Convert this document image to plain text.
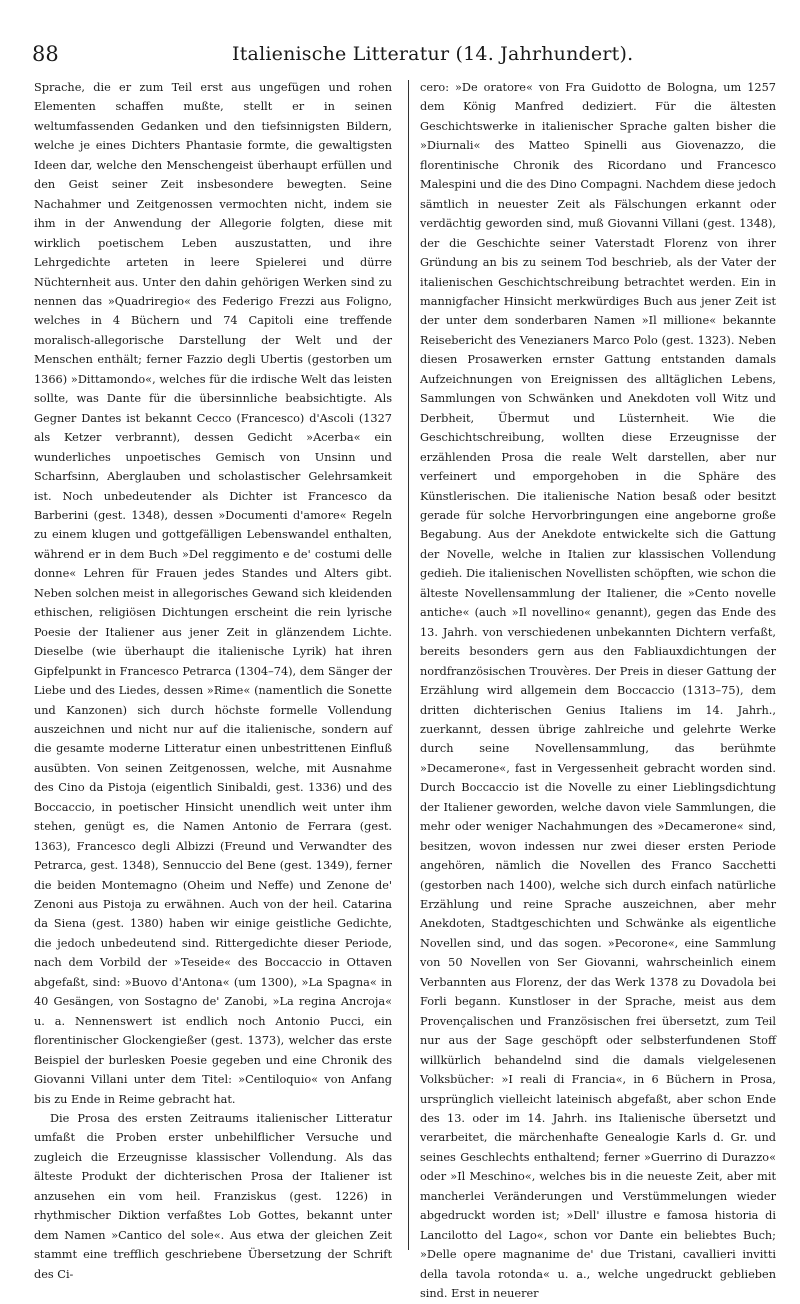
88	Italienische Litteratur (14. Jahrhundert).

Sprache, die er zum Teil erst aus ungefügen und rohen Elementen schaffen mußte, stellt er in seinen weltumfassenden Gedanken und den tiefsinnigsten Bildern, welche je eines Dichters Phantasie formte, die gewaltigsten Ideen dar, welche den Menschengeist überhaupt erfüllen und den Geist seiner Zeit insbesondere bewegten. Seine Nachahmer und Zeitgenossen vermochten nicht, indem sie ihm in der Anwendung der Allegorie folgten, diese mit wirklich poetischem Leben auszustatten, und ihre Lehrgedichte arteten in leere Spielerei und dürre Nüchternheit aus. Unter den dahin gehörigen Werken sind zu nennen das »Quadriregio« des Federigo Frezzi aus Foligno, welches in 4 Büchern und 74 Capitoli eine treffende moralisch-allegorische Darstellung der Welt und der Menschen enthält; ferner Fazzio degli Ubertis (gestorben um 1366) »Dittamondo«, welches für die irdische Welt das leisten sollte, was Dante für die übersinnliche beabsichtigte. Als Gegner Dantes ist bekannt Cecco (Francesco) d'Ascoli (1327 als Ketzer verbrannt), dessen Gedicht »Acerba« ein wunderliches unpoetisches Gemisch von Unsinn und Scharfsinn, Aberglauben und scholastischer Gelehrsamkeit ist. Noch unbedeutender als Dichter ist Francesco da Barberini (gest. 1348), dessen »Documenti d'amore« Regeln zu einem klugen und gottgefälligen Lebenswandel enthalten, während er in dem Buch »Del reggimento e de' costumi delle donne« Lehren für Frauen jedes Standes und Alters gibt. Neben solchen meist in allegorisches Gewand sich kleidenden ethischen, religiösen Dichtungen erscheint die rein lyrische Poesie der Italiener aus jener Zeit in glänzendem Lichte. Dieselbe (wie überhaupt die italienische Lyrik) hat ihren Gipfelpunkt in Francesco Petrarca (1304–74), dem Sänger der Liebe und des Liedes, dessen »Rime« (namentlich die Sonette und Kanzonen) sich durch höchste formelle Vollendung auszeichnen und nicht nur auf die italienische, sondern auf die gesamte moderne Litteratur einen unbestrittenen Einfluß ausübten. Von seinen Zeitgenossen, welche, mit Ausnahme des Cino da Pistoja (eigentlich Sinibaldi, gest. 1336) und des Boccaccio, in poetischer Hinsicht unendlich weit unter ihm stehen, genügt es, die Namen Antonio de Ferrara (gest. 1363), Francesco degli Albizzi (Freund und Verwandter des Petrarca, gest. 1348), Sennuccio del Bene (gest. 1349), ferner die beiden Montemagno (Oheim und Neffe) und Zenone de' Zenoni aus Pistoja zu erwähnen. Auch von der heil. Catarina da Siena (gest. 1380) haben wir einige geistliche Gedichte, die jedoch unbedeutend sind. Rittergedichte dieser Periode, nach dem Vorbild der »Teseide« des Boccaccio in Ottaven abgefaßt, sind: »Buovo d'Antona« (um 1300), »La Spagna« in 40 Gesängen, von Sostagno de' Zanobi, »La regina Ancroja« u. a. Nennenswert ist endlich noch Antonio Pucci, ein florentinischer Glockengießer (gest. 1373), welcher das erste Beispiel der burlesken Poesie gegeben und eine Chronik des Giovanni Villani unter dem Titel: »Centiloquio« von Anfang bis zu Ende in Reime gebracht hat.

Die Prosa des ersten Zeitraums italienischer Litteratur umfaßt die Proben erster unbehilflicher Versuche und zugleich die Erzeugnisse klassischer Vollendung. Als das älteste Produkt der dichterischen Prosa der Italiener ist anzusehen ein vom heil. Franziskus (gest. 1226) in rhythmischer Diktion verfaßtes Lob Gottes, bekannt unter dem Namen »Cantico del sole«. Aus etwa der gleichen Zeit stammt eine trefflich geschriebene Übersetzung der Schrift des Ci-

cero: »De oratore« von Fra Guidotto de Bologna, um 1257 dem König Manfred dediziert. Für die ältesten Geschichtswerke in italienischer Sprache galten bisher die »Diurnali« des Matteo Spinelli aus Giovenazzo, die florentinische Chronik des Ricordano und Francesco Malespini und die des Dino Compagni. Nachdem diese jedoch sämtlich in neuester Zeit als Fälschungen erkannt oder verdächtig geworden sind, muß Giovanni Villani (gest. 1348), der die Geschichte seiner Vaterstadt Florenz von ihrer Gründung an bis zu seinem Tod beschrieb, als der Vater der italienischen Geschichtschreibung betrachtet werden. Ein in mannigfacher Hinsicht merkwürdiges Buch aus jener Zeit ist der unter dem sonderbaren Namen »Il millione« bekannte Reisebericht des Venezianers Marco Polo (gest. 1323). Neben diesen Prosawerken ernster Gattung entstanden damals Aufzeichnungen von Ereignissen des alltäglichen Lebens, Sammlungen von Schwänken und Anekdoten voll Witz und Derbheit, Übermut und Lüsternheit. Wie die Geschichtschreibung, wollten diese Erzeugnisse der erzählenden Prosa die reale Welt darstellen, aber nur verfeinert und emporgehoben in die Sphäre des Künstlerischen. Die italienische Nation besaß oder besitzt gerade für solche Hervorbringungen eine angeborne große Begabung. Aus der Anekdote entwickelte sich die Gattung der Novelle, welche in Italien zur klassischen Vollendung gedieh. Die italienischen Novellisten schöpften, wie schon die älteste Novellensammlung der Italiener, die »Cento novelle antiche« (auch »Il novellino« genannt), gegen das Ende des 13. Jahrh. von verschiedenen unbekannten Dichtern verfaßt, bereits besonders gern aus den Fabliauxdichtungen der nordfranzösischen Trouvères. Der Preis in dieser Gattung der Erzählung wird allgemein dem Boccaccio (1313–75), dem dritten dichterischen Genius Italiens im 14. Jahrh., zuerkannt, dessen übrige zahlreiche und gelehrte Werke durch seine Novellensammlung, das berühmte »Decamerone«, fast in Vergessenheit gebracht worden sind. Durch Boccaccio ist die Novelle zu einer Lieblingsdichtung der Italiener geworden, welche davon viele Sammlungen, die mehr oder weniger Nachahmungen des »Decamerone« sind, besitzen, wovon indessen nur zwei dieser ersten Periode angehören, nämlich die Novellen des Franco Sacchetti (gestorben nach 1400), welche sich durch einfach natürliche Erzählung und reine Sprache auszeichnen, aber mehr Anekdoten, Stadtgeschichten und Schwänke als eigentliche Novellen sind, und das sogen. »Pecorone«, eine Sammlung von 50 Novellen von Ser Giovanni, wahrscheinlich einem Verbannten aus Florenz, der das Werk 1378 zu Dovadola bei Forli begann. Kunstloser in der Sprache, meist aus dem Provençalischen und Französischen frei übersetzt, zum Teil nur aus der Sage geschöpft oder selbsterfundenen Stoff willkürlich behandelnd sind die damals vielgelesenen Volksbücher: »I reali di Francia«, in 6 Büchern in Prosa, ursprünglich vielleicht lateinisch abgefaßt, aber schon Ende des 13. oder im 14. Jahrh. ins Italienische übersetzt und verarbeitet, die märchenhafte Genealogie Karls d. Gr. und seines Geschlechts enthaltend; ferner »Guerrino di Durazzo« oder »Il Meschino«, welches bis in die neueste Zeit, aber mit mancherlei Veränderungen und Verstümmelungen wieder abgedruckt worden ist; »Dell' illustre e famosa historia di Lancilotto del Lago«, schon vor Dante ein beliebtes Buch; »Delle opere magnanime de' due Tristani, cavallieri invitti della tavola rotonda« u. a., welche ungedruckt geblieben sind. Erst in neuerer
